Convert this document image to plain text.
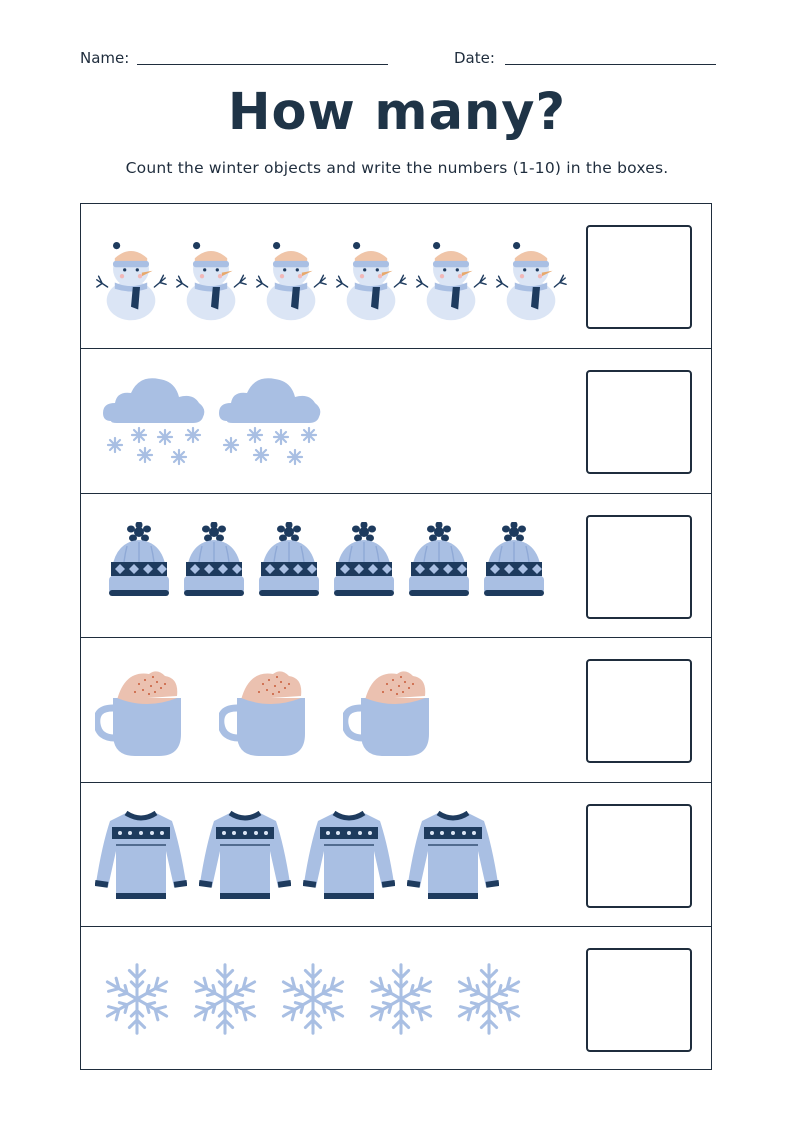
Name:	Date:
How many?
Count the winter objects and write the numbers (1-10) in the boxes.
